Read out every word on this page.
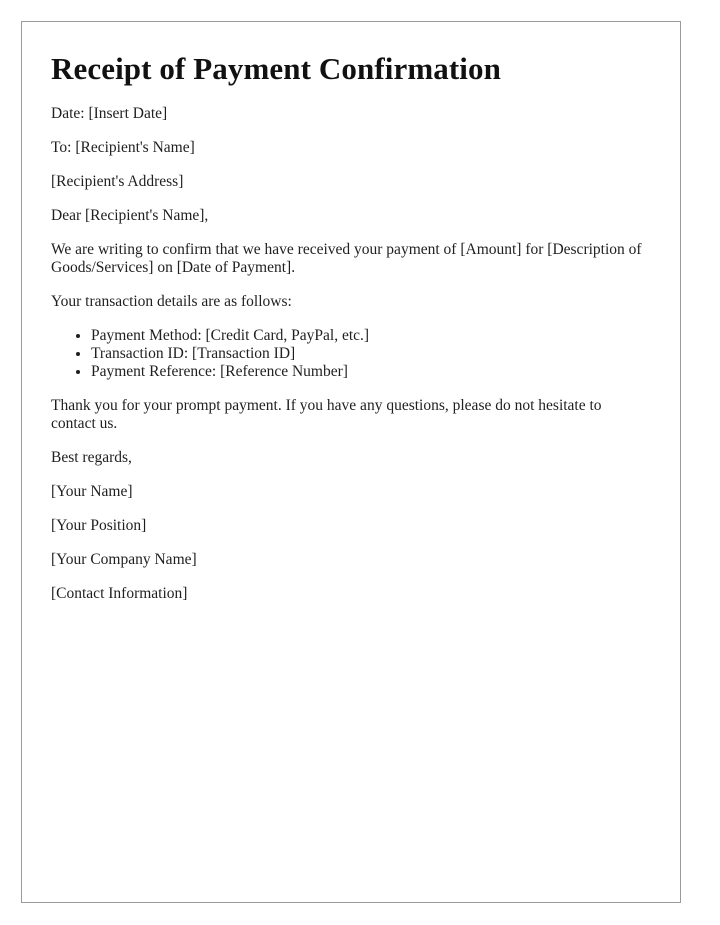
Receipt of Payment Confirmation

Date: [Insert Date]

To: [Recipient's Name]

[Recipient's Address]

Dear [Recipient's Name],

We are writing to confirm that we have received your payment of [Amount] for [Description of Goods/Services] on [Date of Payment].

Your transaction details are as follows:

• Payment Method: [Credit Card, PayPal, etc.]
• Transaction ID: [Transaction ID]
• Payment Reference: [Reference Number]

Thank you for your prompt payment. If you have any questions, please do not hesitate to contact us.

Best regards,

[Your Name]

[Your Position]

[Your Company Name]

[Contact Information]
